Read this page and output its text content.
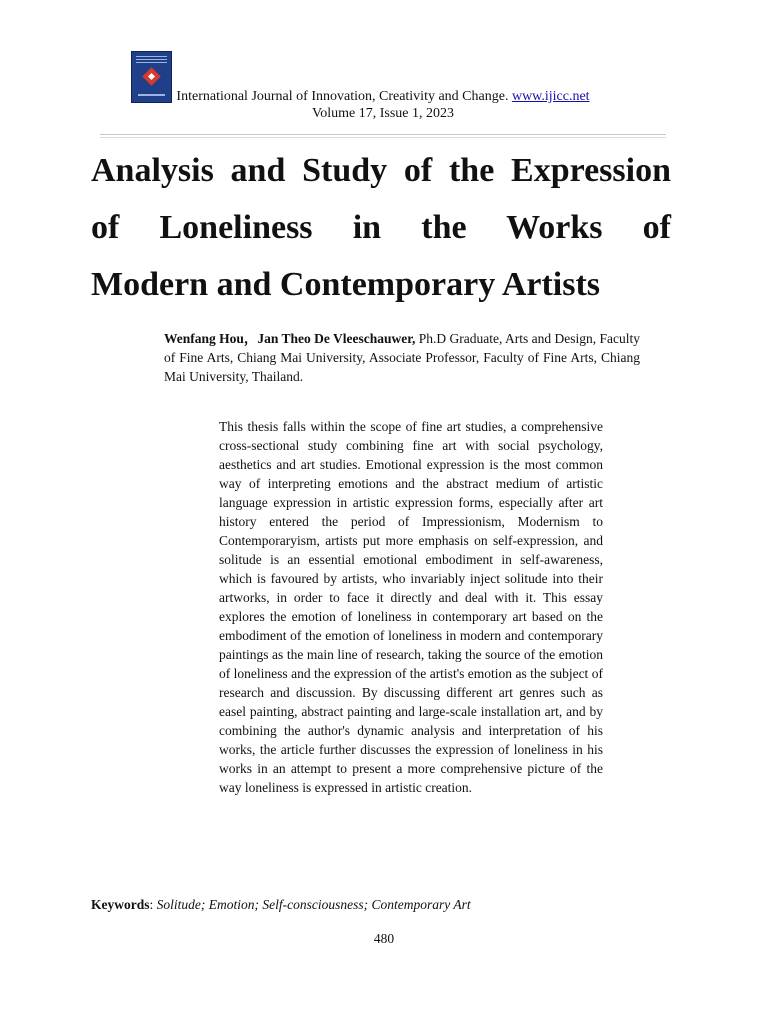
International Journal of Innovation, Creativity and Change. www.ijicc.net
Volume 17, Issue 1, 2023
Analysis and Study of the Expression
of Loneliness in the Works of
Modern and Contemporary Artists

Wenfang Hou，Jan Theo De Vleeschauwer, Ph.D Graduate, Arts and Design, Faculty of Fine Arts, Chiang Mai University, Associate Professor, Faculty of Fine Arts, Chiang Mai University, Thailand.

This thesis falls within the scope of fine art studies, a comprehensive cross-sectional study combining fine art with social psychology, aesthetics and art studies. Emotional expression is the most common way of interpreting emotions and the abstract medium of artistic language expression in artistic expression forms, especially after art history entered the period of Impressionism, Modernism to Contemporaryism, artists put more emphasis on self-expression, and solitude is an essential emotional embodiment in self-awareness, which is favoured by artists, who invariably inject solitude into their artworks, in order to face it directly and deal with it. This essay explores the emotion of loneliness in contemporary art based on the embodiment of the emotion of loneliness in modern and contemporary paintings as the main line of research, taking the source of the emotion of loneliness and the expression of the artist's emotion as the subject of research and discussion. By discussing different art genres such as easel painting, abstract painting and large-scale installation art, and by combining the author's dynamic analysis and interpretation of his works, the article further discusses the expression of loneliness in his works in an attempt to present a more comprehensive picture of the way loneliness is expressed in artistic creation.

Keywords: Solitude; Emotion; Self-consciousness; Contemporary Art

480
